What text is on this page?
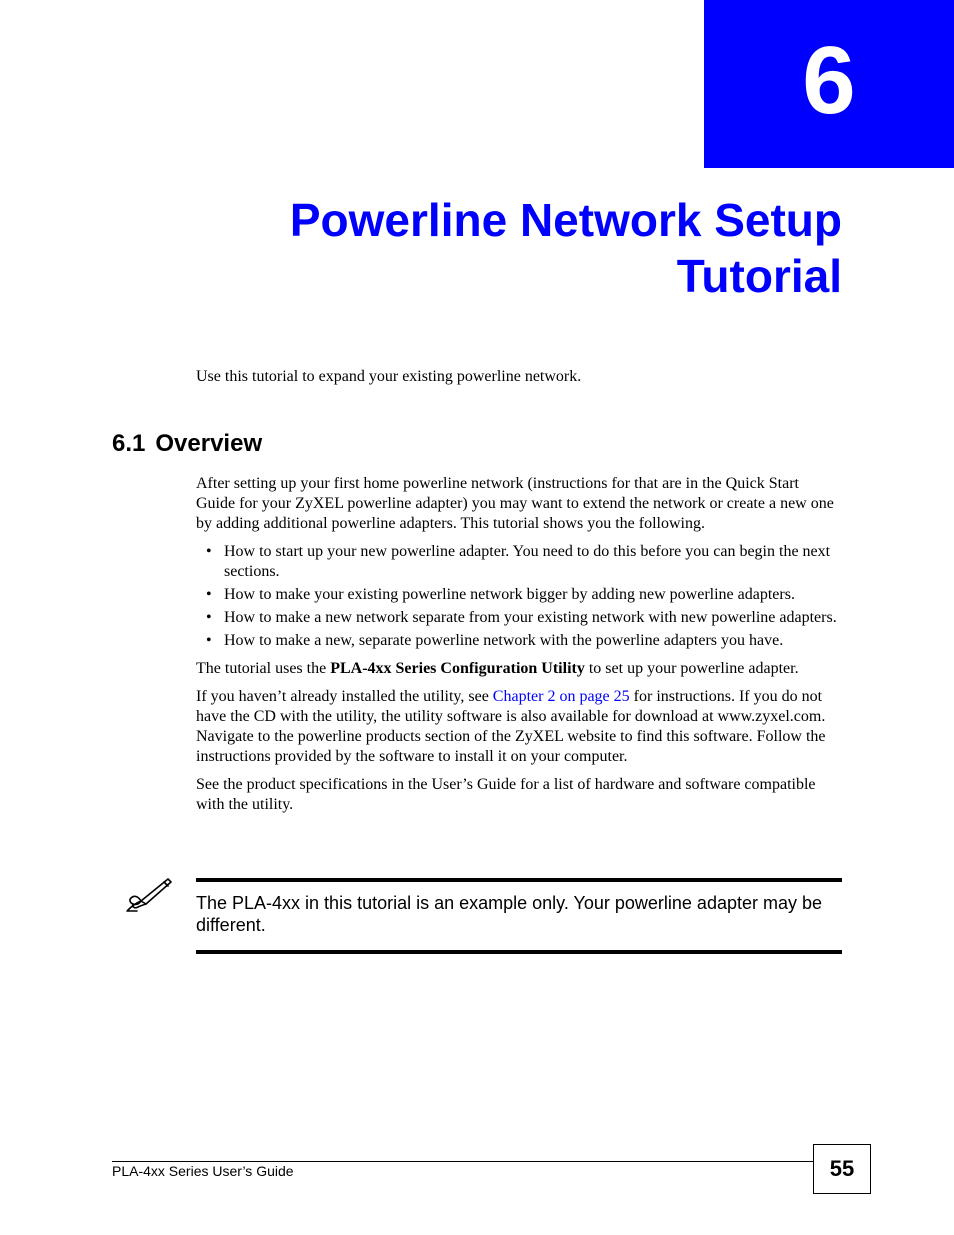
6
Powerline Network Setup
Tutorial

Use this tutorial to expand your existing powerline network.

6.1 Overview

After setting up your first home powerline network (instructions for that are in the Quick Start Guide for your ZyXEL powerline adapter) you may want to extend the network or create a new one by adding additional powerline adapters. This tutorial shows you the following.

• How to start up your new powerline adapter. You need to do this before you can begin the next sections.
• How to make your existing powerline network bigger by adding new powerline adapters.
• How to make a new network separate from your existing network with new powerline adapters.
• How to make a new, separate powerline network with the powerline adapters you have.

The tutorial uses the PLA-4xx Series Configuration Utility to set up your powerline adapter.

If you haven’t already installed the utility, see Chapter 2 on page 25 for instructions. If you do not have the CD with the utility, the utility software is also available for download at www.zyxel.com. Navigate to the powerline products section of the ZyXEL website to find this software. Follow the instructions provided by the software to install it on your computer.

See the product specifications in the User’s Guide for a list of hardware and software compatible with the utility.

The PLA-4xx in this tutorial is an example only. Your powerline adapter may be different.
PLA-4xx Series User’s Guide	55
